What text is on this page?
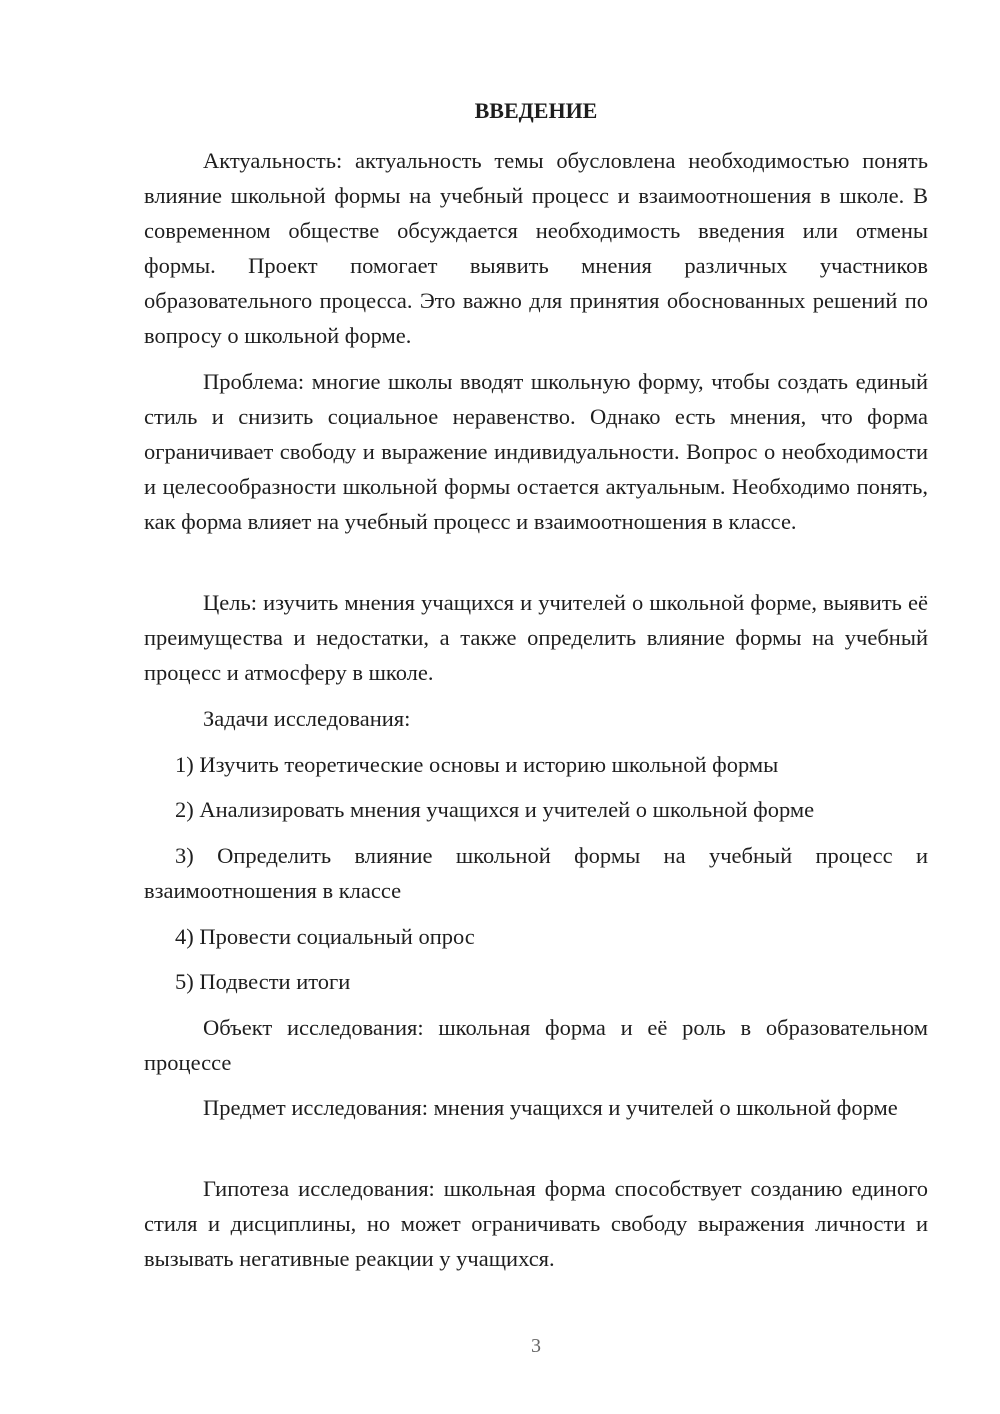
ВВЕДЕНИЕ

Актуальность: актуальность темы обусловлена необходимостью понять влияние школьной формы на учебный процесс и взаимоотношения в школе. В современном обществе обсуждается необходимость введения или отмены формы. Проект помогает выявить мнения различных участников образовательного процесса. Это важно для принятия обоснованных решений по вопросу о школьной форме.

Проблема: многие школы вводят школьную форму, чтобы создать единый стиль и снизить социальное неравенство. Однако есть мнения, что форма ограничивает свободу и выражение индивидуальности. Вопрос о необходимости и целесообразности школьной формы остается актуальным. Необходимо понять, как форма влияет на учебный процесс и взаимоотношения в классе.

Цель: изучить мнения учащихся и учителей о школьной форме, выявить её преимущества и недостатки, а также определить влияние формы на учебный процесс и атмосферу в школе.

Задачи исследования:

1) Изучить теоретические основы и историю школьной формы

2) Анализировать мнения учащихся и учителей о школьной форме

3) Определить влияние школьной формы на учебный процесс и взаимоотношения в классе

4) Провести социальный опрос

5) Подвести итоги

Объект исследования: школьная форма и её роль в образовательном процессе

Предмет исследования: мнения учащихся и учителей о школьной форме

Гипотеза исследования: школьная форма способствует созданию единого стиля и дисциплины, но может ограничивать свободу выражения личности и вызывать негативные реакции у учащихся.

3
